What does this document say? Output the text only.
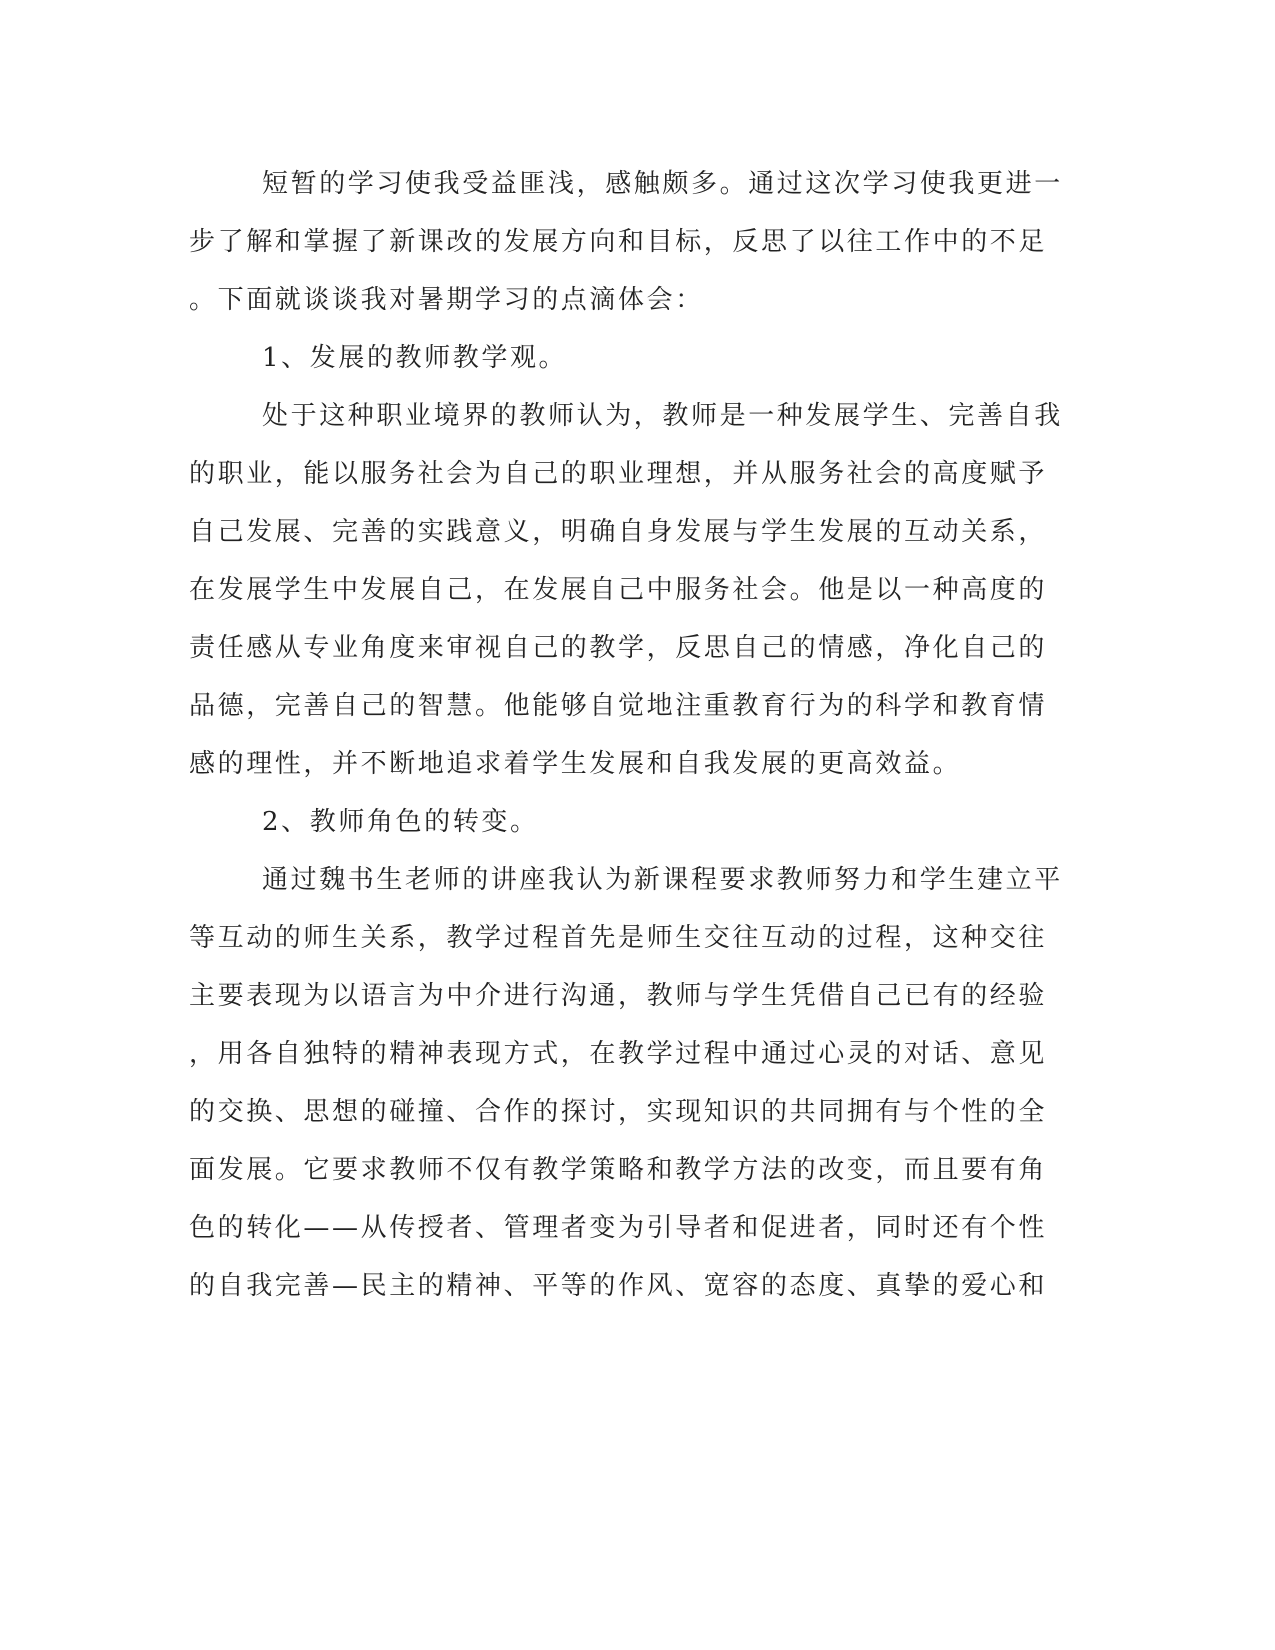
短暂的学习使我受益匪浅，感触颇多。通过这次学习使我更进一
步了解和掌握了新课改的发展方向和目标，反思了以往工作中的不足
。下面就谈谈我对暑期学习的点滴体会：
1、发展的教师教学观。
处于这种职业境界的教师认为，教师是一种发展学生、完善自我
的职业，能以服务社会为自己的职业理想，并从服务社会的高度赋予
自己发展、完善的实践意义，明确自身发展与学生发展的互动关系，
在发展学生中发展自己，在发展自己中服务社会。他是以一种高度的
责任感从专业角度来审视自己的教学，反思自己的情感，净化自己的
品德，完善自己的智慧。他能够自觉地注重教育行为的科学和教育情
感的理性，并不断地追求着学生发展和自我发展的更高效益。
2、教师角色的转变。
通过魏书生老师的讲座我认为新课程要求教师努力和学生建立平
等互动的师生关系，教学过程首先是师生交往互动的过程，这种交往
主要表现为以语言为中介进行沟通，教师与学生凭借自己已有的经验
，用各自独特的精神表现方式，在教学过程中通过心灵的对话、意见
的交换、思想的碰撞、合作的探讨，实现知识的共同拥有与个性的全
面发展。它要求教师不仅有教学策略和教学方法的改变，而且要有角
色的转化——从传授者、管理者变为引导者和促进者，同时还有个性
的自我完善—民主的精神、平等的作风、宽容的态度、真挚的爱心和
